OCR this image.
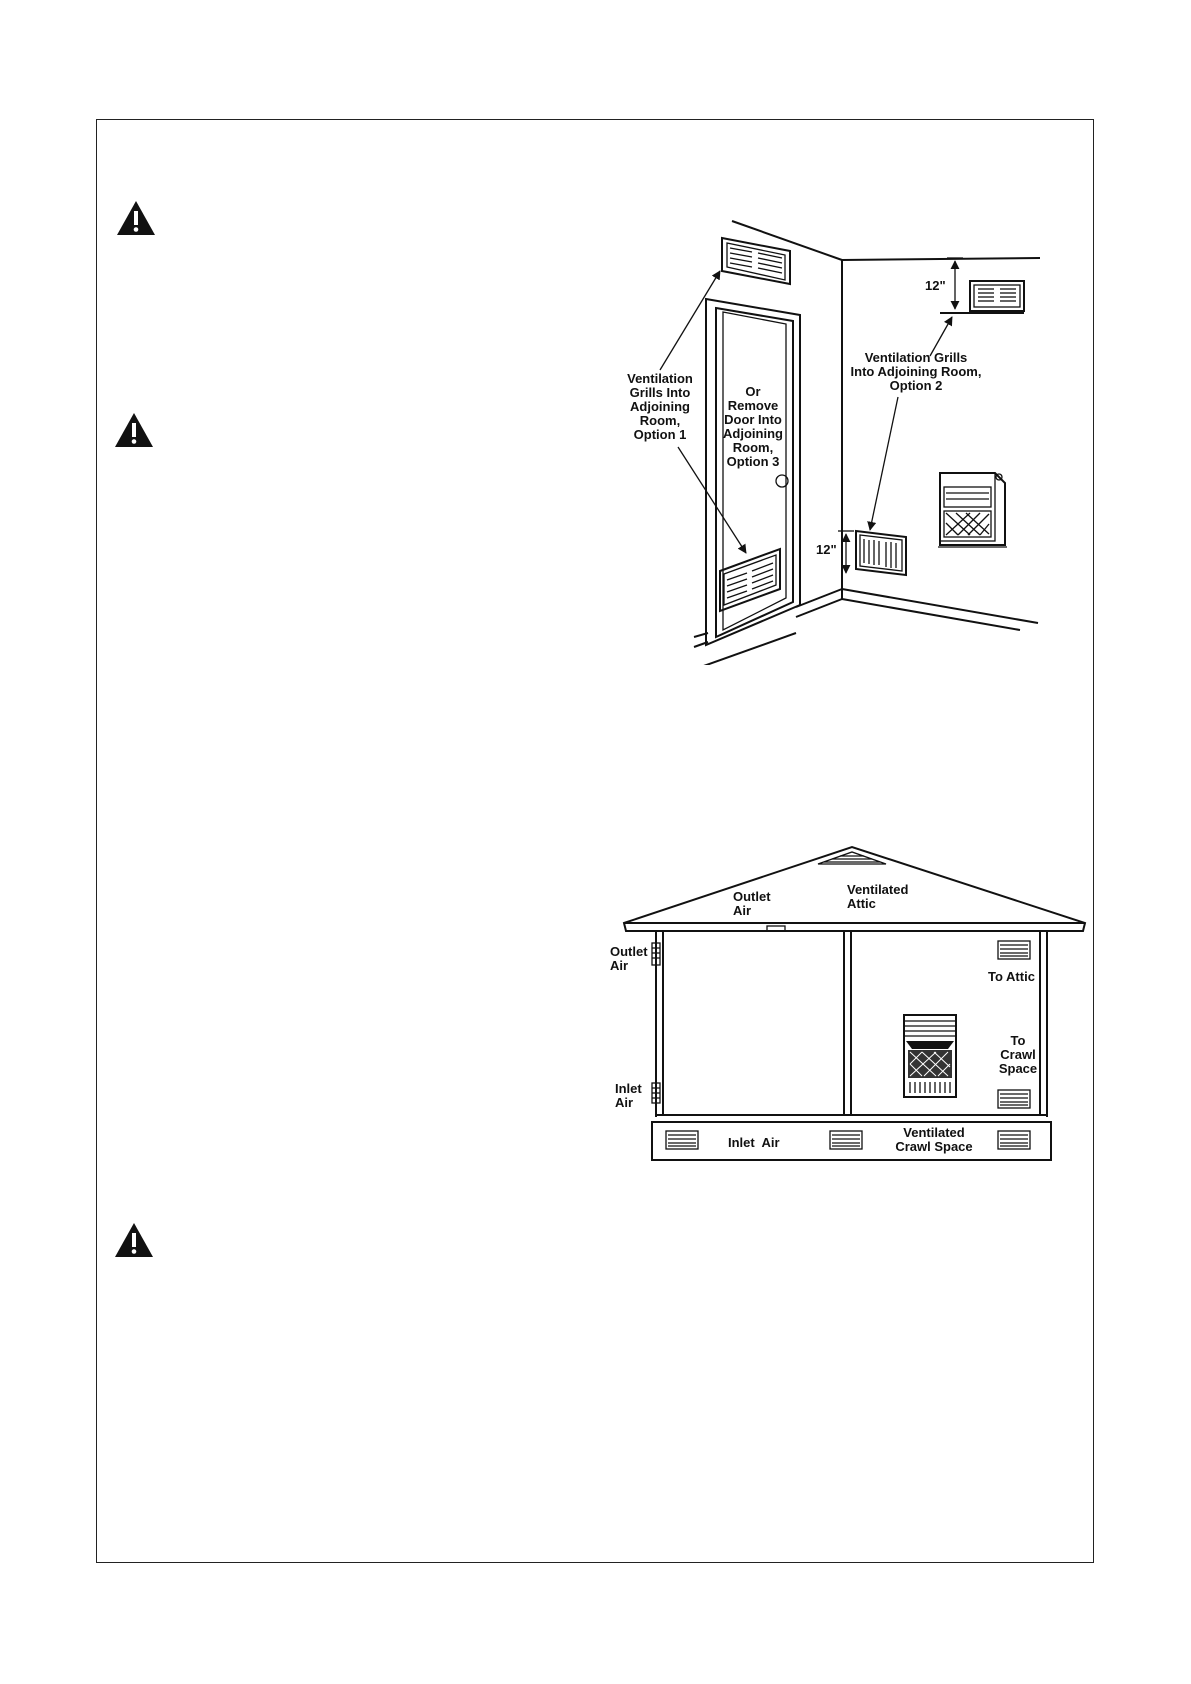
12"
12"
Ventilation
Grills Into
Adjoining
Room,
Option 1
Or
Remove
Door Into
Adjoining
Room,
Option 3
Ventilation Grills
Into Adjoining Room,
Option 2
Outlet
Air
Ventilated
Attic
Outlet
Air
Inlet
Air
To Attic
To
Crawl
Space
Inlet  Air
Ventilated
Crawl Space
